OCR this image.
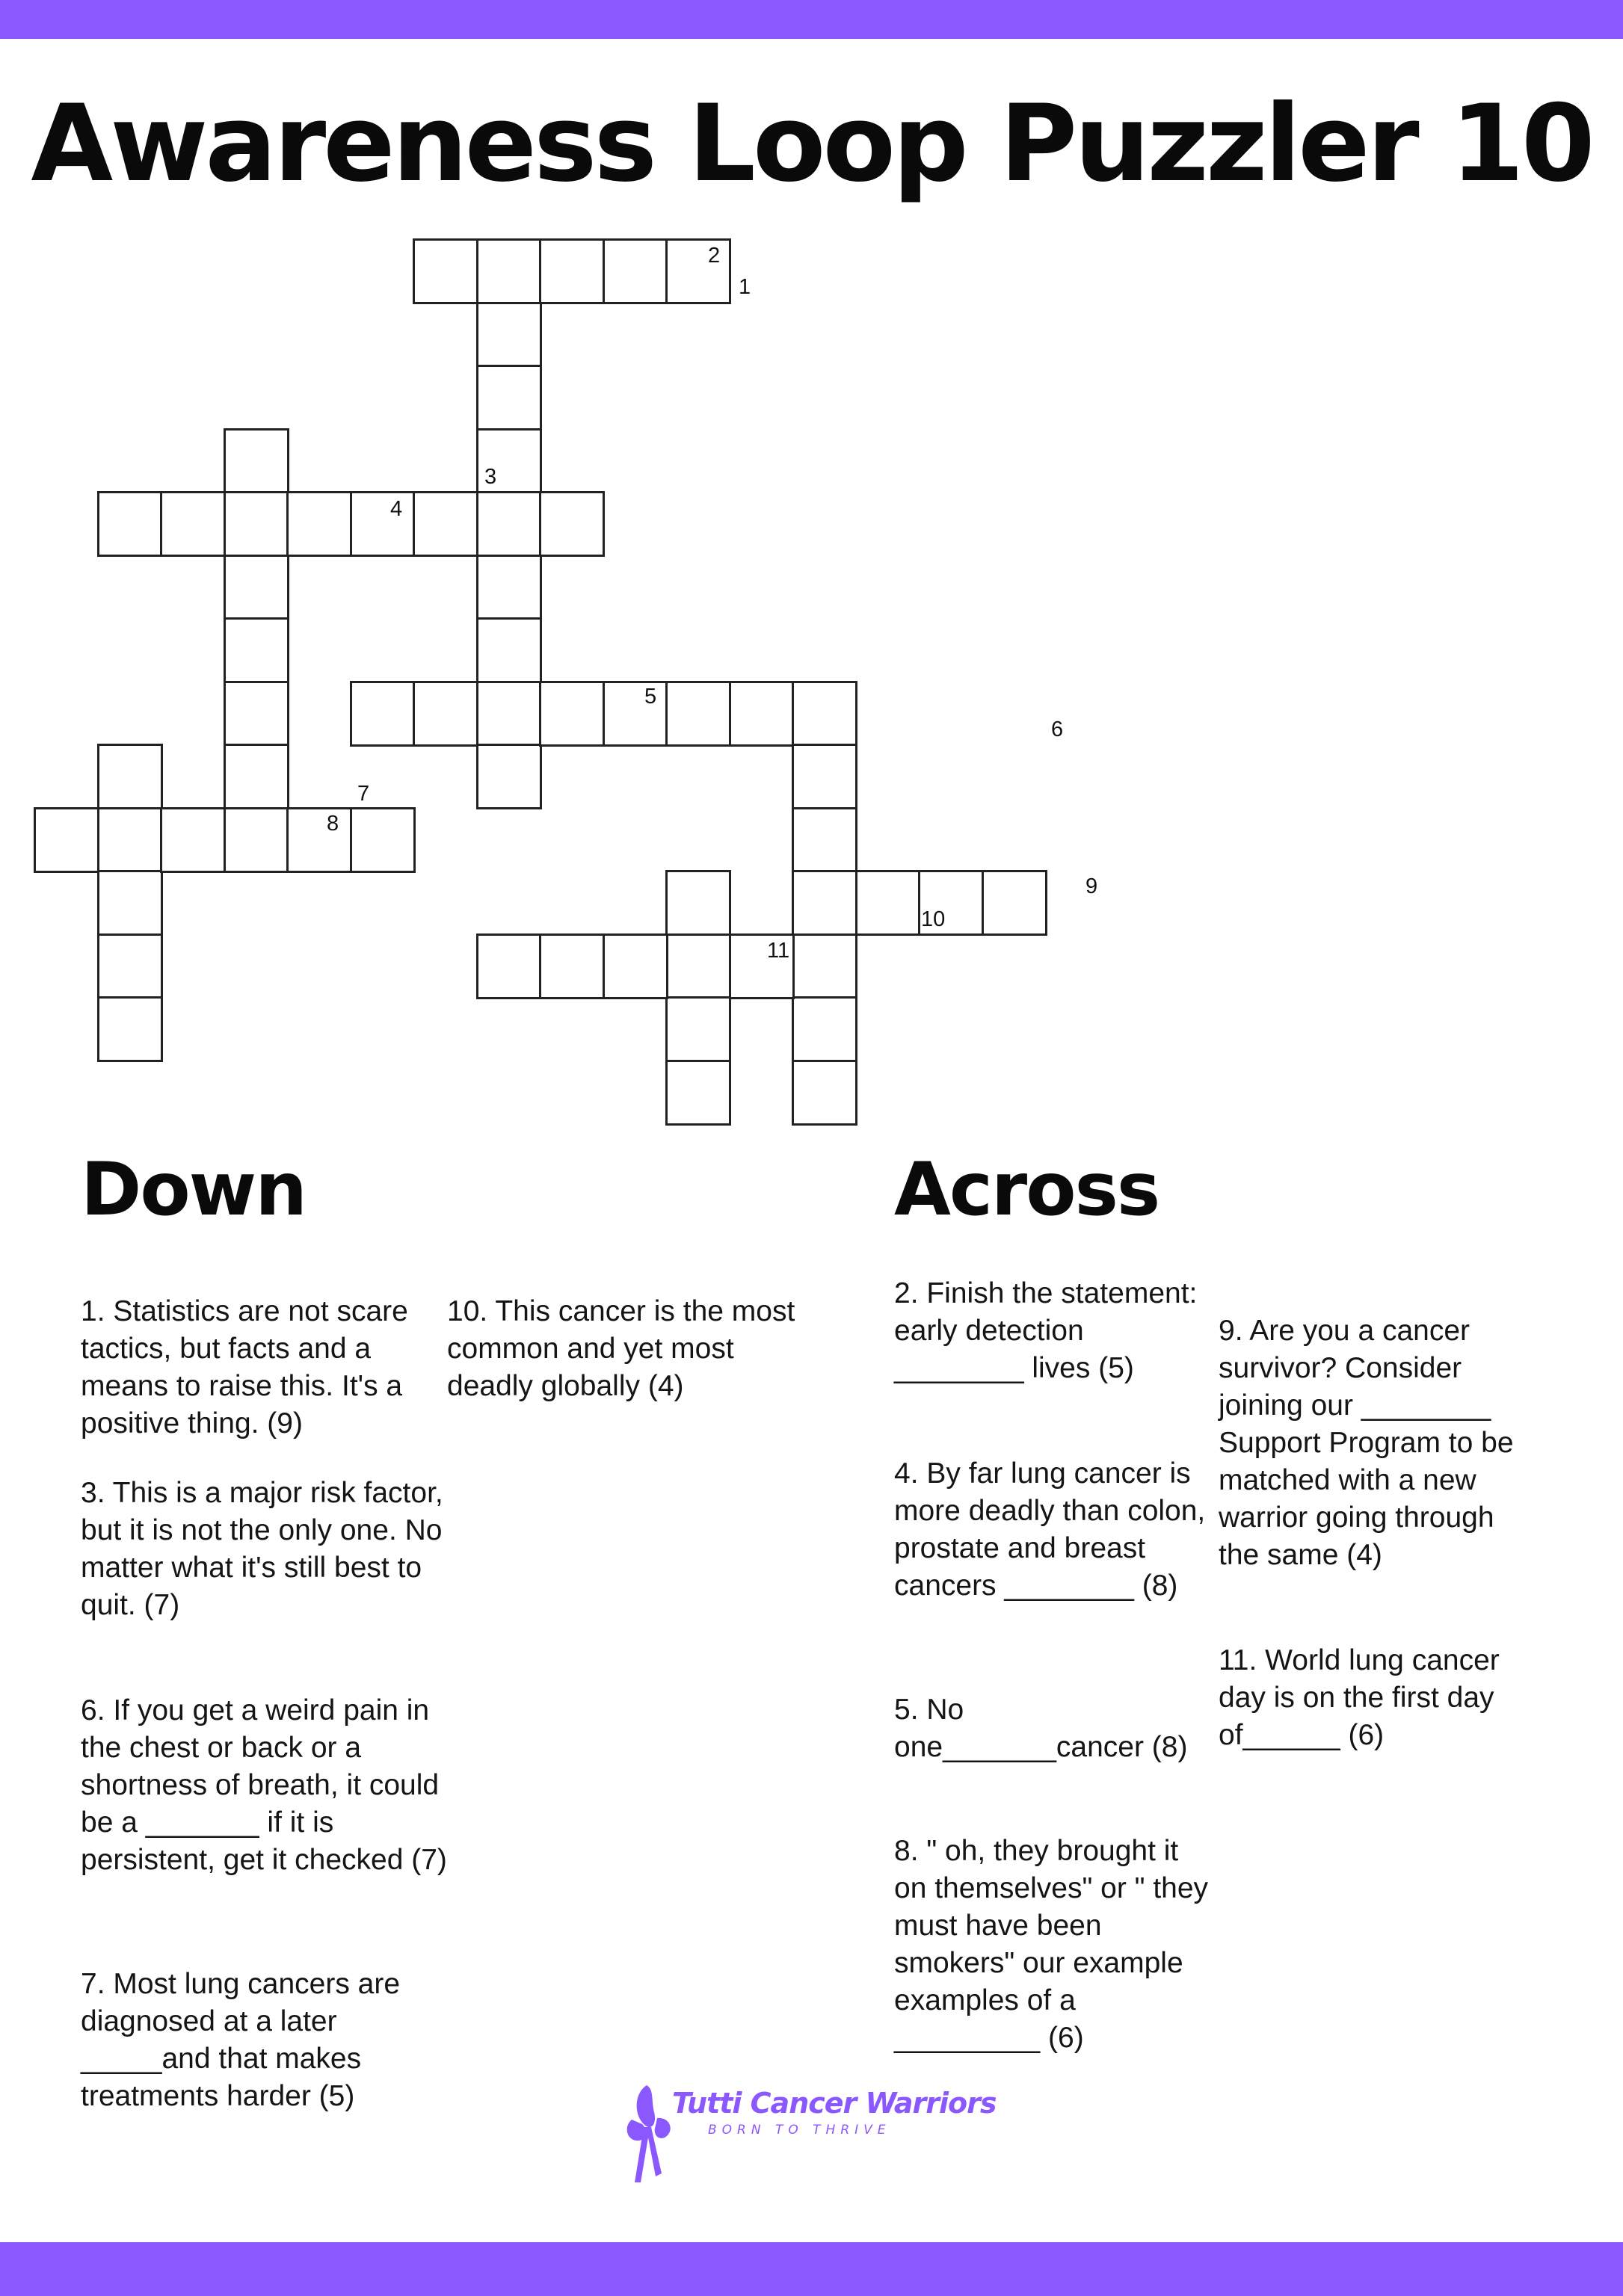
Awareness Loop Puzzler 10
2
1
3
4
5
6
7
8
9
10
11
Down	Across

1. Statistics are not scare tactics, but facts and a means to raise this. It's a positive thing. (9)

10. This cancer is the most common and yet most deadly globally (4)

3. This is a major risk factor, but it is not the only one. No matter what it's still best to quit. (7)

6. If you get a weird pain in the chest or back or a shortness of breath, it could be a _______ if it is persistent, get it checked (7)

7. Most lung cancers are diagnosed at a later _____and that makes treatments harder (5)

2. Finish the statement: early detection ________ lives (5)

4. By far lung cancer is more deadly than colon, prostate and breast cancers ________ (8)

5. No one_______cancer (8)

8. " oh, they brought it on themselves" or " they must have been smokers" our example examples of a _________ (6)

9. Are you a cancer survivor? Consider joining our ________ Support Program to be matched with a new warrior going through the same (4)

11. World lung cancer day is on the first day of______ (6)

Tutti Cancer Warriors
BORN TO THRIVE
